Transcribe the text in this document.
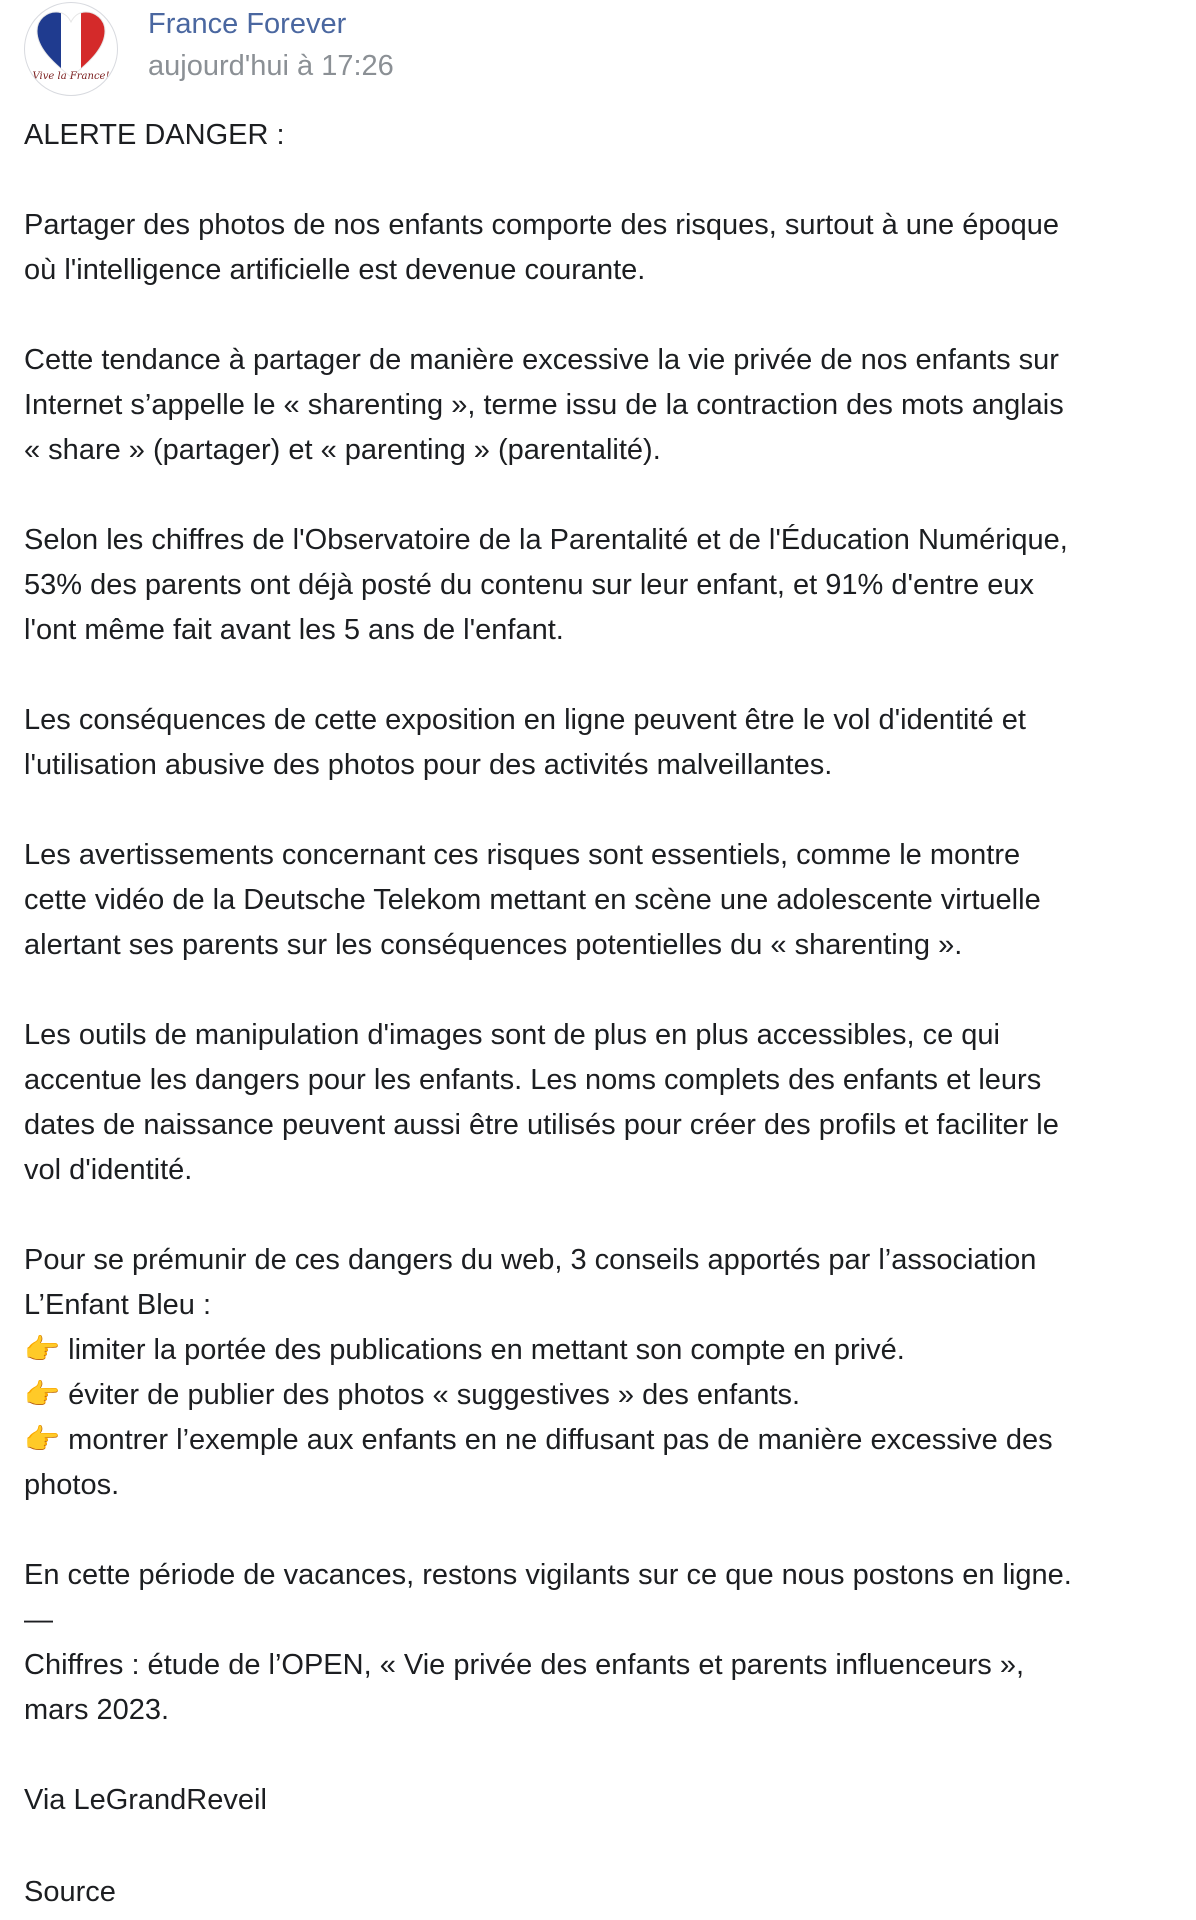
Vive la France!
France Forever
aujourd'hui à 17:26
ALERTE DANGER :

Partager des photos de nos enfants comporte des risques, surtout à une époque
où l'intelligence artificielle est devenue courante.

Cette tendance à partager de manière excessive la vie privée de nos enfants sur
Internet s’appelle le « sharenting », terme issu de la contraction des mots anglais
« share » (partager) et « parenting » (parentalité).

Selon les chiffres de l'Observatoire de la Parentalité et de l'Éducation Numérique,
53% des parents ont déjà posté du contenu sur leur enfant, et 91% d'entre eux
l'ont même fait avant les 5 ans de l'enfant.

Les conséquences de cette exposition en ligne peuvent être le vol d'identité et
l'utilisation abusive des photos pour des activités malveillantes.

Les avertissements concernant ces risques sont essentiels, comme le montre
cette vidéo de la Deutsche Telekom mettant en scène une adolescente virtuelle
alertant ses parents sur les conséquences potentielles du « sharenting ».

Les outils de manipulation d'images sont de plus en plus accessibles, ce qui
accentue les dangers pour les enfants. Les noms complets des enfants et leurs
dates de naissance peuvent aussi être utilisés pour créer des profils et faciliter le
vol d'identité.

Pour se prémunir de ces dangers du web, 3 conseils apportés par l’association
L’Enfant Bleu :
👉 limiter la portée des publications en mettant son compte en privé.
👉 éviter de publier des photos « suggestives » des enfants.
👉 montrer l’exemple aux enfants en ne diffusant pas de manière excessive des
photos.

En cette période de vacances, restons vigilants sur ce que nous postons en ligne.
—
Chiffres : étude de l’OPEN, « Vie privée des enfants et parents influenceurs »,
mars 2023.

Via LeGrandReveil
Source
